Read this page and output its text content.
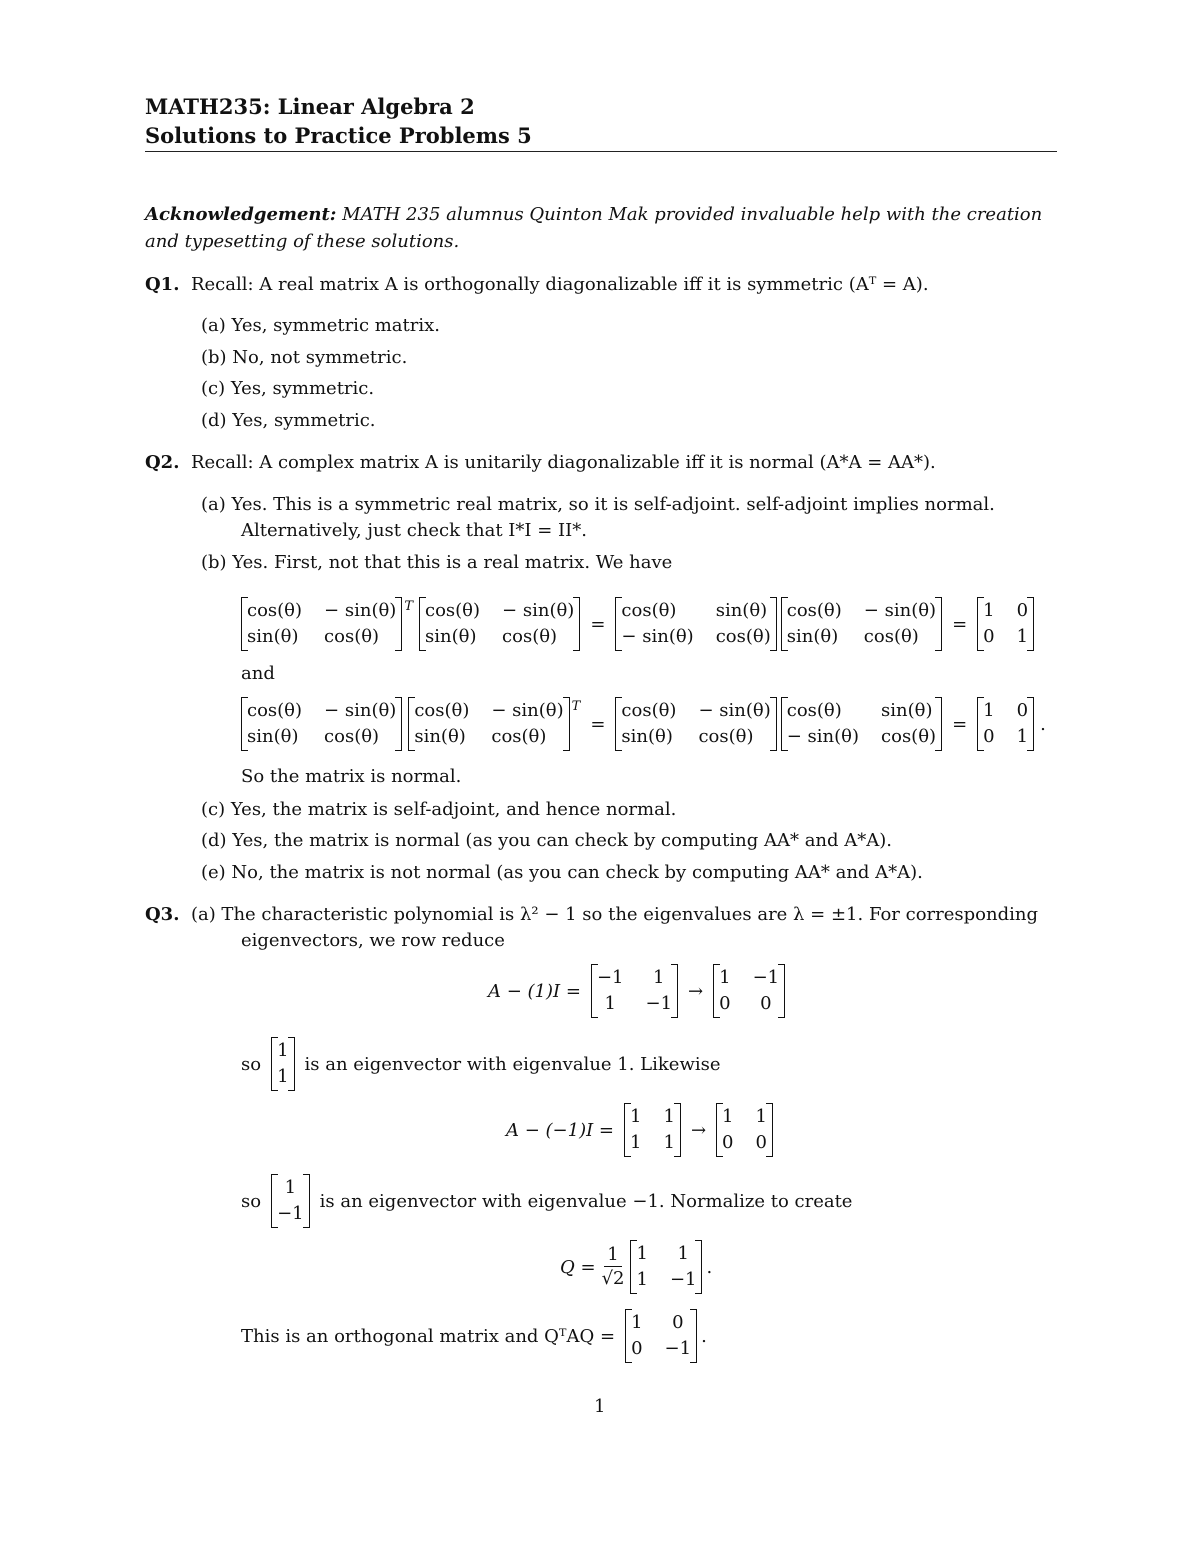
MATH235: Linear Algebra 2
Solutions to Practice Problems 5
Acknowledgement: MATH 235 alumnus Quinton Mak provided invaluable help with the creation
and typesetting of these solutions.
Q1. Recall: A real matrix A is orthogonally diagonalizable iff it is symmetric (Aᵀ = A).
(a) Yes, symmetric matrix.
(b) No, not symmetric.
(c) Yes, symmetric.
(d) Yes, symmetric.
Q2. Recall: A complex matrix A is unitarily diagonalizable iff it is normal (A*A = AA*).
(a) Yes. This is a symmetric real matrix, so it is self-adjoint. self-adjoint implies normal.
Alternatively, just check that I*I = II*.
(b) Yes. First, not that this is a real matrix. We have
cos(θ) − sin(θ)
sin(θ) cos(θ)
T cos(θ) − sin(θ)
sin(θ) cos(θ)
=
cos(θ)	sin(θ)
− sin(θ) cos(θ)
cos(θ) − sin(θ)
sin(θ) cos(θ)
=
1 0
0 1
and
cos(θ) − sin(θ)
sin(θ) cos(θ)
cos(θ) − sin(θ)
sin(θ) cos(θ)
T
=
cos(θ) − sin(θ)
sin(θ) cos(θ)
cos(θ)	sin(θ)
− sin(θ) cos(θ)
=
1 0
0 1
.
So the matrix is normal.
(c) Yes, the matrix is self-adjoint, and hence normal.
(d) Yes, the matrix is normal (as you can check by computing AA* and A*A).
(e) No, the matrix is not normal (as you can check by computing AA* and A*A).
Q3. (a) The characteristic polynomial is λ² − 1 so the eigenvalues are λ = ±1. For corresponding
eigenvectors, we row reduce
A − (1)I =
−1	1
1	−1
→
1 −1
0	0
so
1
1
is an eigenvector with eigenvalue 1. Likewise
A − (−1)I =
1 1
1 1
→
1 1
0 0
so
1
−1
is an eigenvector with eigenvalue −1. Normalize to create
$Q = \frac{1}{√2} 1$	1
1 −1
.
This is an orthogonal matrix and QᵀAQ =
1	0
0 −1
.
1
